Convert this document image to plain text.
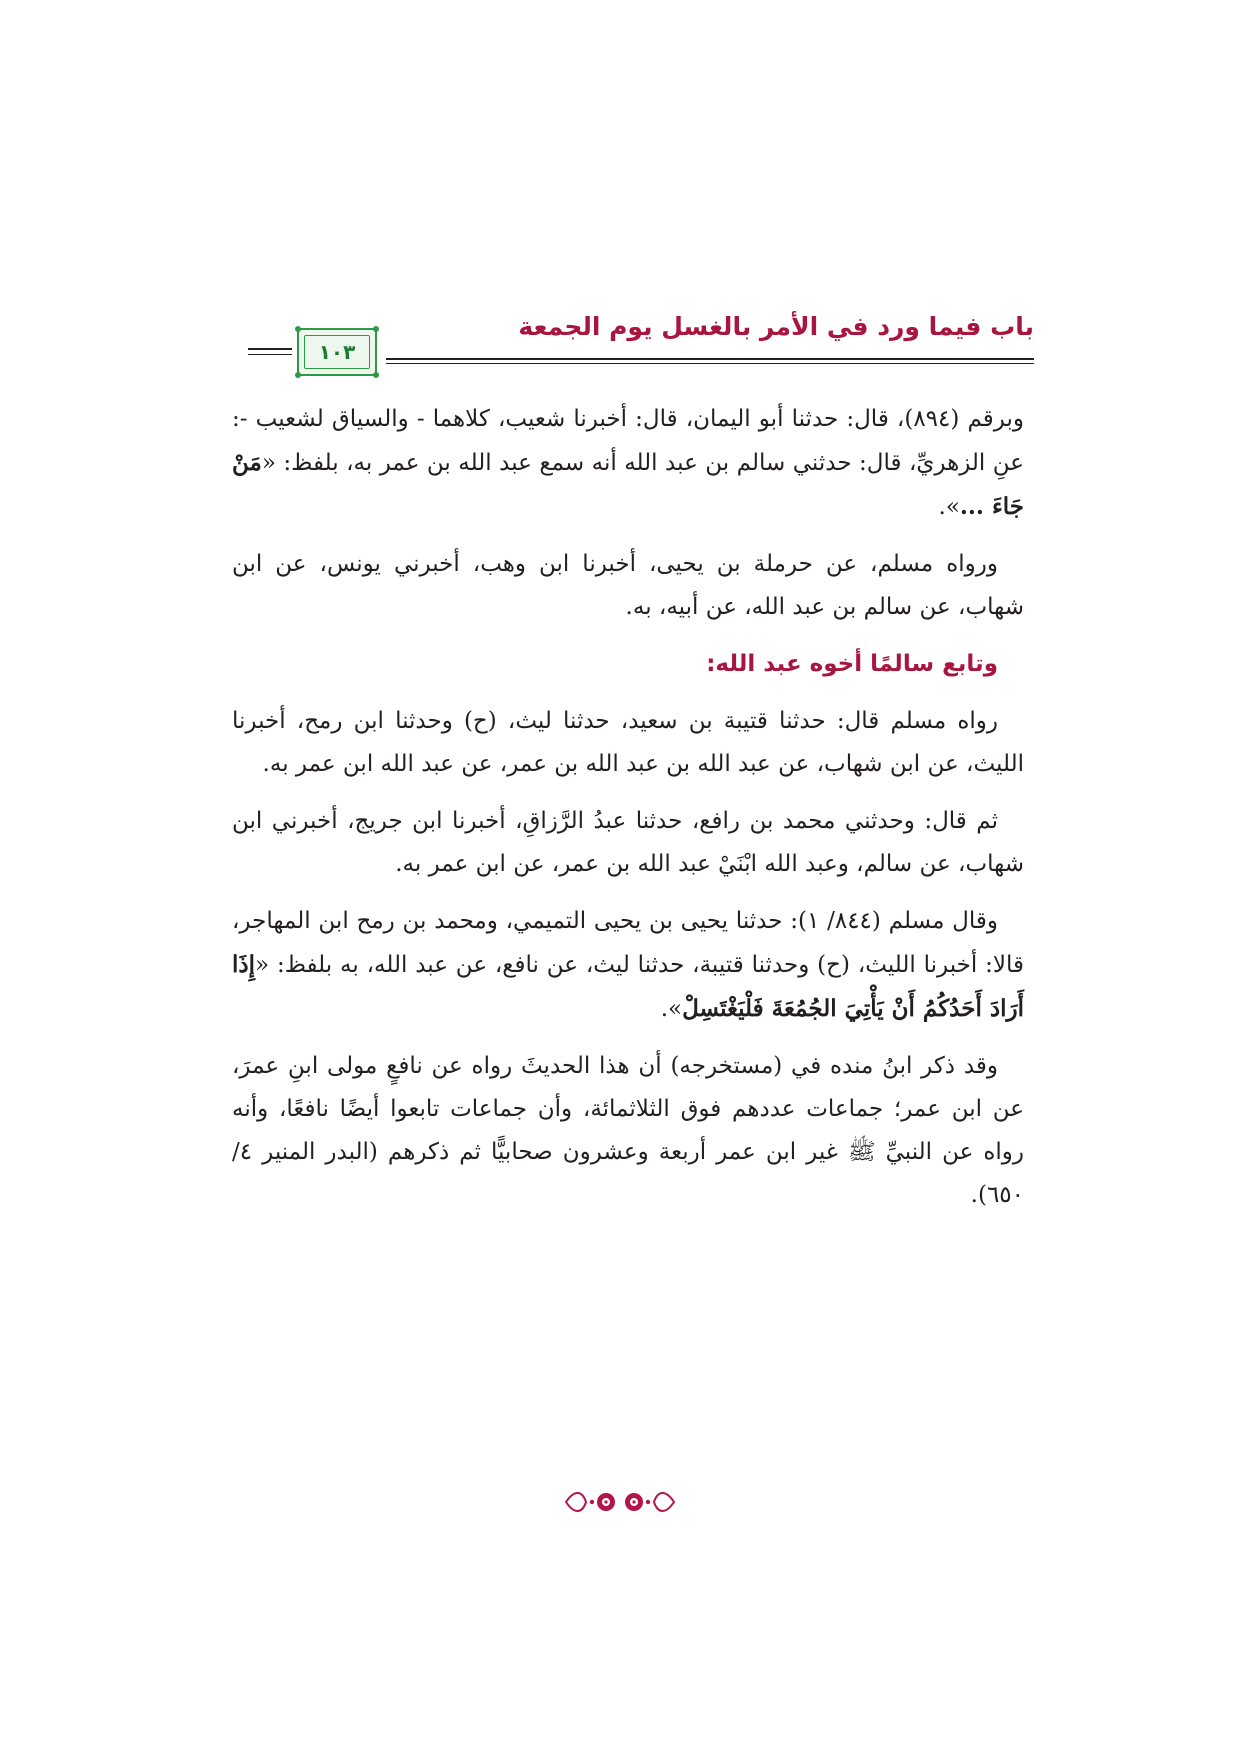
باب فيما ورد في الأمر بالغسل يوم الجمعة
١٠٣

وبرقم (٨٩٤)، قال: حدثنا أبو اليمان، قال: أخبرنا شعيب، كلاهما - والسياق لشعيب -: عنِ الزهريِّ، قال: حدثني سالم بن عبد الله أنه سمع عبد الله بن عمر به، بلفظ: «مَنْ جَاءَ ...».

ورواه مسلم، عن حرملة بن يحيى، أخبرنا ابن وهب، أخبرني يونس، عن ابن شهاب، عن سالم بن عبد الله، عن أبيه، به.

وتابع سالمًا أخوه عبد الله:

رواه مسلم قال: حدثنا قتيبة بن سعيد، حدثنا ليث، (ح) وحدثنا ابن رمح، أخبرنا الليث، عن ابن شهاب، عن عبد الله بن عبد الله بن عمر، عن عبد الله ابن عمر به.

ثم قال: وحدثني محمد بن رافع، حدثنا عبدُ الرَّزاقِ، أخبرنا ابن جريج، أخبرني ابن شهاب، عن سالم، وعبد الله ابْنَيْ عبد الله بن عمر، عن ابن عمر به.

وقال مسلم (٨٤٤/ ١): حدثنا يحيى بن يحيى التميمي، ومحمد بن رمح ابن المهاجر، قالا: أخبرنا الليث، (ح) وحدثنا قتيبة، حدثنا ليث، عن نافع، عن عبد الله، به بلفظ: «إِذَا أَرَادَ أَحَدُكُمُ أَنْ يَأْتِيَ الجُمُعَةَ فَلْيَغْتَسِلْ».

وقد ذكر ابنُ منده في (مستخرجه) أن هذا الحديثَ رواه عن نافعٍ مولى ابنِ عمرَ، عن ابن عمر؛ جماعات عددهم فوق الثلاثمائة، وأن جماعات تابعوا أيضًا نافعًا، وأنه رواه عن النبيِّ ﷺ غير ابن عمر أربعة وعشرون صحابيًّا ثم ذكرهم (البدر المنير ٤/ ٦٥٠).
